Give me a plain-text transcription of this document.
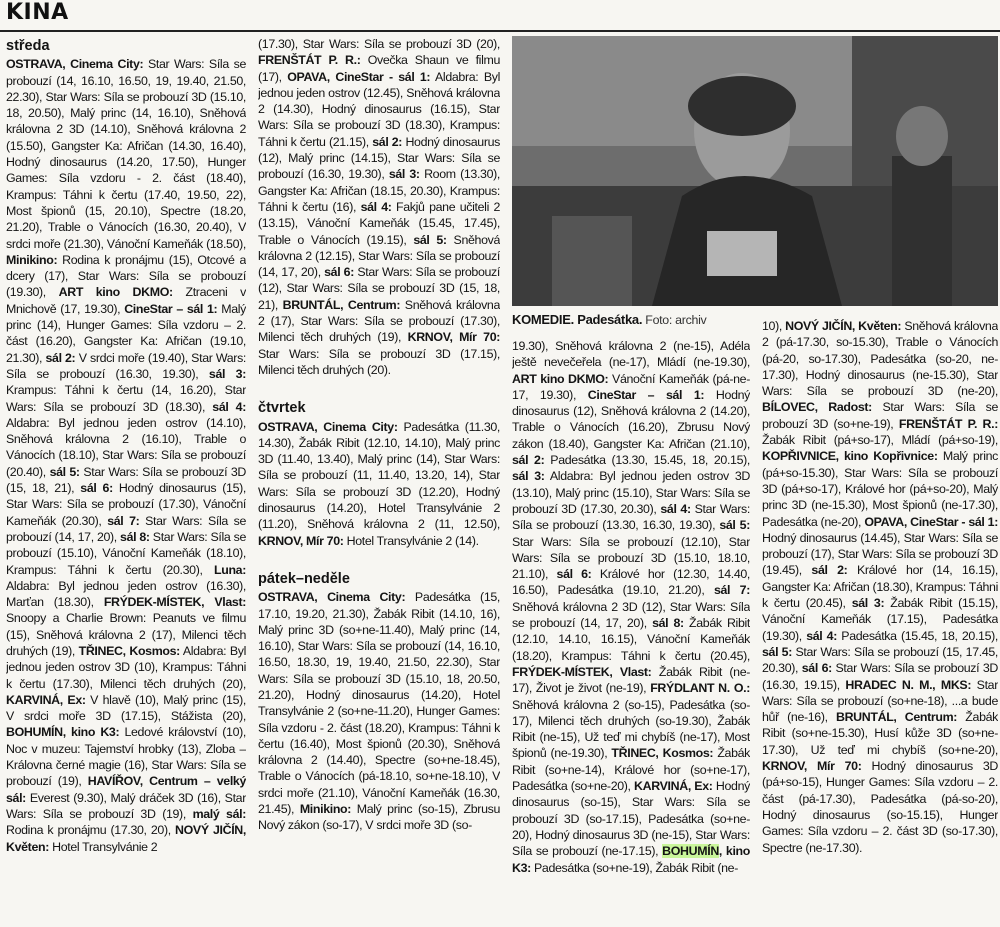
KINA
středa
OSTRAVA, Cinema City: Star Wars: Síla se probouzí (14, 16.10, 16.50, 19, 19.40, 21.50, 22.30), Star Wars: Síla se probouzí 3D (15.10, 18, 20.50), Malý princ (14, 16.10), Sněhová královna 2 3D (14.10), Sněhová královna 2 (15.50), Gangster Ka: Afričan (14.30, 16.40), Hodný dinosaurus (14.20, 17.50), Hunger Games: Síla vzdoru - 2. část (18.40), Krampus: Táhni k čertu (17.40, 19.50, 22), Most špionů (15, 20.10), Spectre (18.20, 21.20), Trable o Vánocích (16.30, 20.40), V srdci moře (21.30), Vánoční Kameňák (18.50), Minikino: Rodina k pronájmu (15), Otcové a dcery (17), Star Wars: Síla se probouzí (19.30), ART kino DKMO: Ztraceni v Mnichově (17, 19.30), CineStar – sál 1: Malý princ (14), Hunger Games: Síla vzdoru – 2. část (16.20), Gangster Ka: Afričan (19.10, 21.30), sál 2: V srdci moře (19.40), Star Wars: Síla se probouzí (16.30, 19.30), sál 3: Krampus: Táhni k čertu (14, 16.20), Star Wars: Síla se probouzí 3D (18.30), sál 4: Aldabra: Byl jednou jeden ostrov (14.10), Sněhová královna 2 (16.10), Trable o Vánocích (18.10), Star Wars: Síla se probouzí (20.40), sál 5: Star Wars: Síla se probouzí 3D (15, 18, 21), sál 6: Hodný dinosaurus (15), Star Wars: Síla se probouzí (17.30), Vánoční Kameňák (20.30), sál 7: Star Wars: Síla se probouzí (14, 17, 20), sál 8: Star Wars: Síla se probouzí (15.10), Vánoční Kameňák (18.10), Krampus: Táhni k čertu (20.30), Luna: Aldabra: Byl jednou jeden ostrov (16.30), Marťan (18.30), FRÝDEK-MÍSTEK, Vlast: Snoopy a Charlie Brown: Peanuts ve filmu (15), Sněhová královna 2 (17), Milenci těch druhých (19), TŘINEC, Kosmos: Aldabra: Byl jednou jeden ostrov 3D (10), Krampus: Táhni k čertu (17.30), Milenci těch druhých (20), KARVINÁ, Ex: V hlavě (10), Malý princ (15), V srdci moře 3D (17.15), Stážista (20), BOHUMÍN, kino K3: Ledové království (10), Noc v muzeu: Tajemství hrobky (13), Zloba – Královna černé magie (16), Star Wars: Síla se probouzí (19), HAVÍŘOV, Centrum – velký sál: Everest (9.30), Malý dráček 3D (16), Star Wars: Síla se probouzí 3D (19), malý sál: Rodina k pronájmu (17.30, 20), NOVÝ JIČÍN, Květen: Hotel Transylvánie 2
(17.30), Star Wars: Síla se probouzí 3D (20), FRENŠTÁT P. R.: Ovečka Shaun ve filmu (17), OPAVA, CineStar - sál 1: Aldabra: Byl jednou jeden ostrov (12.45), Sněhová královna 2 (14.30), Hodný dinosaurus (16.15), Star Wars: Síla se probouzí 3D (18.30), Krampus: Táhni k čertu (21.15), sál 2: Hodný dinosaurus (12), Malý princ (14.15), Star Wars: Síla se probouzí (16.30, 19.30), sál 3: Room (13.30), Gangster Ka: Afričan (18.15, 20.30), Krampus: Táhni k čertu (16), sál 4: Fakjů pane učiteli 2 (13.15), Vánoční Kameňák (15.45, 17.45), Trable o Vánocích (19.15), sál 5: Sněhová královna 2 (12.15), Star Wars: Síla se probouzí (14, 17, 20), sál 6: Star Wars: Síla se probouzí (12), Star Wars: Síla se probouzí 3D (15, 18, 21), BRUNTÁL, Centrum: Sněhová královna 2 (17), Star Wars: Síla se probouzí (17.30), Milenci těch druhých (19), KRNOV, Mír 70: Star Wars: Síla se probouzí 3D (17.15), Milenci těch druhých (20).
čtvrtek
OSTRAVA, Cinema City: Padesátka (11.30, 14.30), Žabák Ribit (12.10, 14.10), Malý princ 3D (11.40, 13.40), Malý princ (14), Star Wars: Síla se probouzí (11, 11.40, 13.20, 14), Star Wars: Síla se probouzí 3D (12.20), Hodný dinosaurus (14.20), Hotel Transylvánie 2 (11.20), Sněhová královna 2 (11, 12.50), KRNOV, Mír 70: Hotel Transylvánie 2 (14).
pátek–neděle
OSTRAVA, Cinema City: Padesátka (15, 17.10, 19.20, 21.30), Žabák Ribit (14.10, 16), Malý princ 3D (so+ne-11.40), Malý princ (14, 16.10), Star Wars: Síla se probouzí (14, 16.10, 16.50, 18.30, 19, 19.40, 21.50, 22.30), Star Wars: Síla se probouzí 3D (15.10, 18, 20.50, 21.20), Hodný dinosaurus (14.20), Hotel Transylvánie 2 (so+ne-11.20), Hunger Games: Síla vzdoru - 2. část (18.20), Krampus: Táhni k čertu (16.40), Most špionů (20.30), Sněhová královna 2 (14.40), Spectre (so+ne-18.45), Trable o Vánocích (pá-18.10, so+ne-18.10), V srdci moře (21.10), Vánoční Kameňák (16.30, 21.45), Minikino: Malý princ (so-15), Zbrusu Nový zákon (so-17), V srdci moře 3D (so-
KOMEDIE. Padesátka. Foto: archiv
19.30), Sněhová královna 2 (ne-15), Adéla ještě nevečeřela (ne-17), Mládí (ne-19.30), ART kino DKMO: Vánoční Kameňák (pá-ne-17, 19.30), CineStar – sál 1: Hodný dinosaurus (12), Sněhová královna 2 (14.20), Trable o Vánocích (16.20), Zbrusu Nový zákon (18.40), Gangster Ka: Afričan (21.10), sál 2: Padesátka (13.30, 15.45, 18, 20.15), sál 3: Aldabra: Byl jednou jeden ostrov 3D (13.10), Malý princ (15.10), Star Wars: Síla se probouzí 3D (17.30, 20.30), sál 4: Star Wars: Síla se probouzí (13.30, 16.30, 19.30), sál 5: Star Wars: Síla se probouzí (12.10), Star Wars: Síla se probouzí 3D (15.10, 18.10, 21.10), sál 6: Králové hor (12.30, 14.40, 16.50), Padesátka (19.10, 21.20), sál 7: Sněhová královna 2 3D (12), Star Wars: Síla se probouzí (14, 17, 20), sál 8: Žabák Ribit (12.10, 14.10, 16.15), Vánoční Kameňák (18.20), Krampus: Táhni k čertu (20.45), FRÝDEK-MÍSTEK, Vlast: Žabák Ribit (ne-17), Život je život (ne-19), FRÝDLANT N. O.: Sněhová královna 2 (so-15), Padesátka (so-17), Milenci těch druhých (so-19.30), Žabák Ribit (ne-15), Už teď mi chybíš (ne-17), Most špionů (ne-19.30), TŘINEC, Kosmos: Žabák Ribit (so+ne-14), Králové hor (so+ne-17), Padesátka (so+ne-20), KARVINÁ, Ex: Hodný dinosaurus (so-15), Star Wars: Síla se probouzí 3D (so-17.15), Padesátka (so+ne-20), Hodný dinosaurus 3D (ne-15), Star Wars: Síla se probouzí (ne-17.15), BOHUMÍN, kino K3: Padesátka (so+ne-19), Žabák Ribit (ne-
10), NOVÝ JIČÍN, Květen: Sněhová královna 2 (pá-17.30, so-15.30), Trable o Vánocích (pá-20, so-17.30), Padesátka (so-20, ne-17.30), Hodný dinosaurus (ne-15.30), Star Wars: Síla se probouzí 3D (ne-20), BÍLOVEC, Radost: Star Wars: Síla se probouzí 3D (so+ne-19), FRENŠTÁT P. R.: Žabák Ribit (pá+so-17), Mládí (pá+so-19), KOPŘIVNICE, kino Kopřivnice: Malý princ (pá+so-15.30), Star Wars: Síla se probouzí 3D (pá+so-17), Králové hor (pá+so-20), Malý princ 3D (ne-15.30), Most špionů (ne-17.30), Padesátka (ne-20), OPAVA, CineStar - sál 1: Hodný dinosaurus (14.45), Star Wars: Síla se probouzí (17), Star Wars: Síla se probouzí 3D (19.45), sál 2: Králové hor (14, 16.15), Gangster Ka: Afričan (18.30), Krampus: Táhni k čertu (20.45), sál 3: Žabák Ribit (15.15), Vánoční Kameňák (17.15), Padesátka (19.30), sál 4: Padesátka (15.45, 18, 20.15), sál 5: Star Wars: Síla se probouzí (15, 17.45, 20.30), sál 6: Star Wars: Síla se probouzí 3D (16.30, 19.15), HRADEC N. M., MKS: Star Wars: Síla se probouzí (so+ne-18), ...a bude hůř (ne-16), BRUNTÁL, Centrum: Žabák Ribit (so+ne-15.30), Husí kůže 3D (so+ne-17.30), Už teď mi chybíš (so+ne-20), KRNOV, Mír 70: Hodný dinosaurus 3D (pá+so-15), Hunger Games: Síla vzdoru – 2. část (pá-17.30), Padesátka (pá-so-20), Hodný dinosaurus (so-15.15), Hunger Games: Síla vzdoru – 2. část 3D (so-17.30), Spectre (ne-17.30).
